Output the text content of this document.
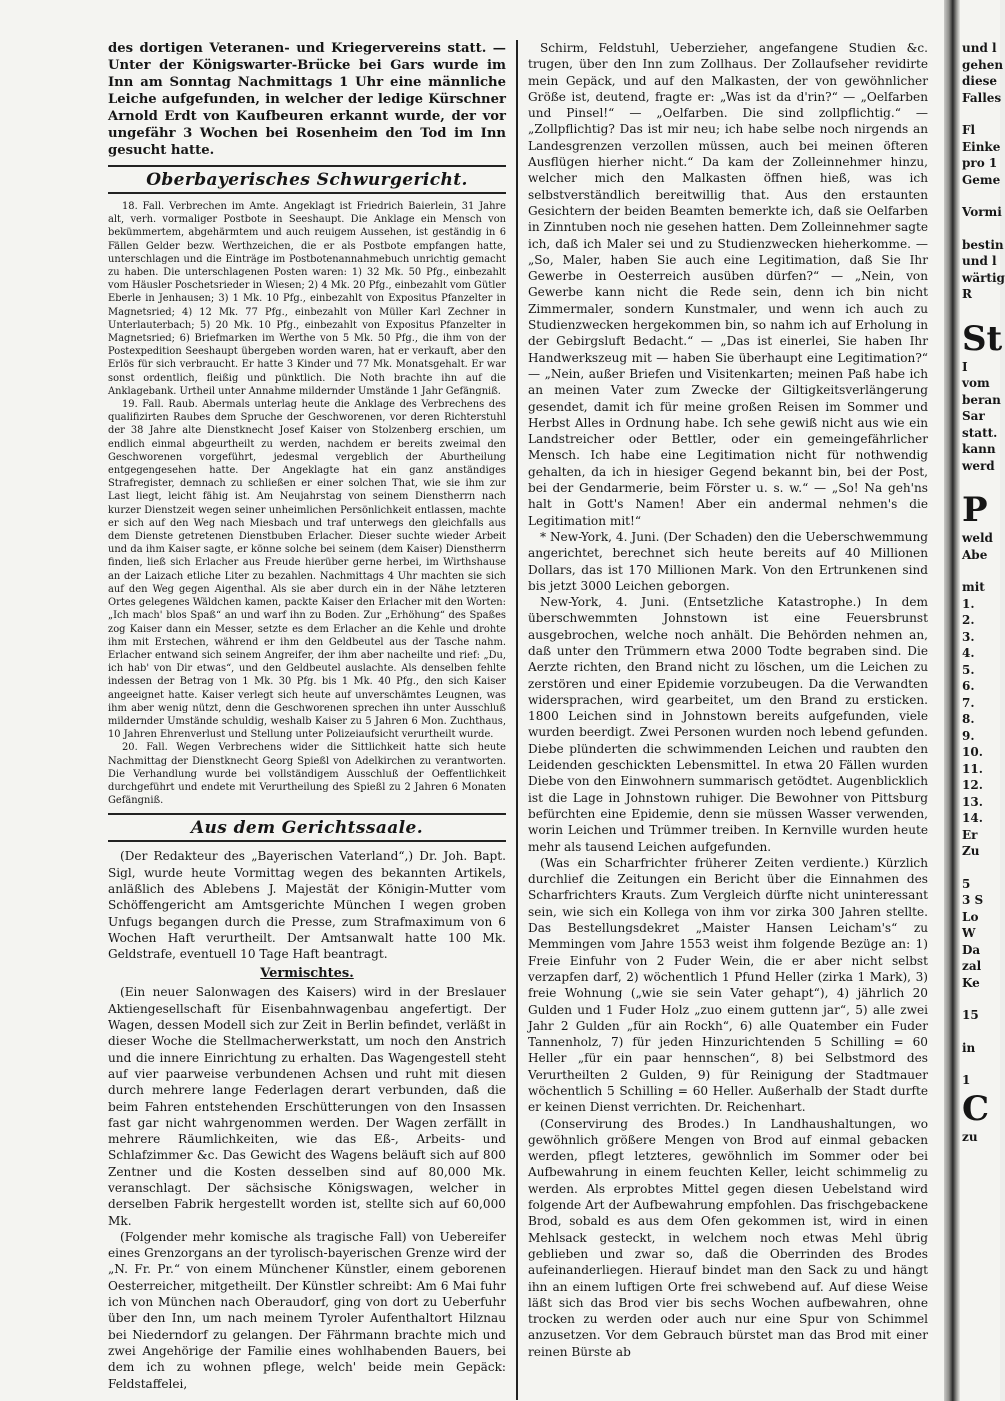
des dortigen Veteranen- und Kriegervereins statt. — Unter der Königswarter-Brücke bei Gars wurde im Inn am Sonntag Nachmittags 1 Uhr eine männliche Leiche aufgefunden, in welcher der ledige Kürschner Arnold Erdt von Kaufbeuren erkannt wurde, der vor ungefähr 3 Wochen bei Rosenheim den Tod im Inn gesucht hatte.

Oberbayerisches Schwurgericht.

18. Fall. Verbrechen im Amte. Angeklagt ist Friedrich Baierlein, 31 Jahre alt, verh. vormaliger Postbote in Seeshaupt. Die Anklage ein Mensch von bekümmertem, abgehärmtem und auch reuigem Aussehen, ist geständig in 6 Fällen Gelder bezw. Werthzeichen, die er als Postbote empfangen hatte, unterschlagen und die Einträge im Postbotenannahmebuch unrichtig gemacht zu haben. Die unterschlagenen Posten waren: 1) 32 Mk. 50 Pfg., einbezahlt vom Häusler Poschetsrieder in Wiesen; 2) 4 Mk. 20 Pfg., einbezahlt vom Gütler Eberle in Jenhausen; 3) 1 Mk. 10 Pfg., einbezahlt von Expositus Pfanzelter in Magnetsried; 4) 12 Mk. 77 Pfg., einbezahlt von Müller Karl Zechner in Unterlauterbach; 5) 20 Mk. 10 Pfg., einbezahlt von Expositus Pfanzelter in Magnetsried; 6) Briefmarken im Werthe von 5 Mk. 50 Pfg., die ihm von der Postexpedition Seeshaupt übergeben worden waren, hat er verkauft, aber den Erlös für sich verbraucht. Er hatte 3 Kinder und 77 Mk. Monatsgehalt. Er war sonst ordentlich, fleißig und pünktlich. Die Noth brachte ihn auf die Anklagebank. Urtheil unter Annahme mildernder Umstände 1 Jahr Gefängniß.

19. Fall. Raub. Abermals unterlag heute die Anklage des Verbrechens des qualifizirten Raubes dem Spruche der Geschworenen, vor deren Richterstuhl der 38 Jahre alte Dienstknecht Josef Kaiser von Stolzenberg erschien, um endlich einmal abgeurtheilt zu werden, nachdem er bereits zweimal den Geschworenen vorgeführt, jedesmal vergeblich der Aburtheilung entgegengesehen hatte. Der Angeklagte hat ein ganz anständiges Strafregister, demnach zu schließen er einer solchen That, wie sie ihm zur Last liegt, leicht fähig ist. Am Neujahrstag von seinem Dienstherrn nach kurzer Dienstzeit wegen seiner unheimlichen Persönlichkeit entlassen, machte er sich auf den Weg nach Miesbach und traf unterwegs den gleichfalls aus dem Dienste getretenen Dienstbuben Erlacher. Dieser suchte wieder Arbeit und da ihm Kaiser sagte, er könne solche bei seinem (dem Kaiser) Dienstherrn finden, ließ sich Erlacher aus Freude hierüber gerne herbei, im Wirthshause an der Laizach etliche Liter zu bezahlen. Nachmittags 4 Uhr machten sie sich auf den Weg gegen Aigenthal. Als sie aber durch ein in der Nähe letzteren Ortes gelegenes Wäldchen kamen, packte Kaiser den Erlacher mit den Worten: „Ich mach' blos Spaß“ an und warf ihn zu Boden. Zur „Erhöhung“ des Spaßes zog Kaiser dann ein Messer, setzte es dem Erlacher an die Kehle und drohte ihm mit Erstechen, während er ihm den Geldbeutel aus der Tasche nahm. Erlacher entwand sich seinem Angreifer, der ihm aber nacheilte und rief: „Du, ich hab' von Dir etwas“, und den Geldbeutel auslachte. Als denselben fehlte indessen der Betrag von 1 Mk. 30 Pfg. bis 1 Mk. 40 Pfg., den sich Kaiser angeeignet hatte. Kaiser verlegt sich heute auf unverschämtes Leugnen, was ihm aber wenig nützt, denn die Geschworenen sprechen ihn unter Ausschluß mildernder Umstände schuldig, weshalb Kaiser zu 5 Jahren 6 Mon. Zuchthaus, 10 Jahren Ehrenverlust und Stellung unter Polizeiaufsicht verurtheilt wurde.

20. Fall. Wegen Verbrechens wider die Sittlichkeit hatte sich heute Nachmittag der Dienstknecht Georg Spießl von Adelkirchen zu verantworten. Die Verhandlung wurde bei vollständigem Ausschluß der Oeffentlichkeit durchgeführt und endete mit Verurtheilung des Spießl zu 2 Jahren 6 Monaten Gefängniß.

Aus dem Gerichtssaale.

(Der Redakteur des „Bayerischen Vaterland“,) Dr. Joh. Bapt. Sigl, wurde heute Vormittag wegen des bekannten Artikels, anläßlich des Ablebens J. Majestät der Königin-Mutter vom Schöffengericht am Amtsgerichte München I wegen groben Unfugs begangen durch die Presse, zum Strafmaximum von 6 Wochen Haft verurtheilt. Der Amtsanwalt hatte 100 Mk. Geldstrafe, eventuell 10 Tage Haft beantragt.

Vermischtes.

(Ein neuer Salonwagen des Kaisers) wird in der Breslauer Aktiengesellschaft für Eisenbahnwagenbau angefertigt. Der Wagen, dessen Modell sich zur Zeit in Berlin befindet, verläßt in dieser Woche die Stellmacherwerkstatt, um noch den Anstrich und die innere Einrichtung zu erhalten. Das Wagengestell steht auf vier paarweise verbundenen Achsen und ruht mit diesen durch mehrere lange Federlagen derart verbunden, daß die beim Fahren entstehenden Erschütterungen von den Insassen fast gar nicht wahrgenommen werden. Der Wagen zerfällt in mehrere Räumlichkeiten, wie das Eß-, Arbeits- und Schlafzimmer &c. Das Gewicht des Wagens beläuft sich auf 800 Zentner und die Kosten desselben sind auf 80,000 Mk. veranschlagt. Der sächsische Königswagen, welcher in derselben Fabrik hergestellt worden ist, stellte sich auf 60,000 Mk.

(Folgender mehr komische als tragische Fall) von Uebereifer eines Grenzorgans an der tyrolisch-bayerischen Grenze wird der „N. Fr. Pr.“ von einem Münchener Künstler, einem geborenen Oesterreicher, mitgetheilt. Der Künstler schreibt: Am 6 Mai fuhr ich von München nach Oberaudorf, ging von dort zu Ueberfuhr über den Inn, um nach meinem Tyroler Aufenthaltort Hilznau bei Niederndorf zu gelangen. Der Fährmann brachte mich und zwei Angehörige der Familie eines wohlhabenden Bauers, bei dem ich zu wohnen pflege, welch' beide mein Gepäck: Feldstaffelei,

Schirm, Feldstuhl, Ueberzieher, angefangene Studien &c. trugen, über den Inn zum Zollhaus. Der Zollaufseher revidirte mein Gepäck, und auf den Malkasten, der von gewöhnlicher Größe ist, deutend, fragte er: „Was ist da d'rin?“ — „Oelfarben und Pinsel!“ — „Oelfarben. Die sind zollpflichtig.“ — „Zollpflichtig? Das ist mir neu; ich habe selbe noch nirgends an Landesgrenzen verzollen müssen, auch bei meinen öfteren Ausflügen hierher nicht.“ Da kam der Zolleinnehmer hinzu, welcher mich den Malkasten öffnen hieß, was ich selbstverständlich bereitwillig that. Aus den erstaunten Gesichtern der beiden Beamten bemerkte ich, daß sie Oelfarben in Zinntuben noch nie gesehen hatten. Dem Zolleinnehmer sagte ich, daß ich Maler sei und zu Studienzwecken hieherkomme. — „So, Maler, haben Sie auch eine Legitimation, daß Sie Ihr Gewerbe in Oesterreich ausüben dürfen?“ — „Nein, von Gewerbe kann nicht die Rede sein, denn ich bin nicht Zimmermaler, sondern Kunstmaler, und wenn ich auch zu Studienzwecken hergekommen bin, so nahm ich auf Erholung in der Gebirgsluft Bedacht.“ — „Das ist einerlei, Sie haben Ihr Handwerkszeug mit — haben Sie überhaupt eine Legitimation?“ — „Nein, außer Briefen und Visitenkarten; meinen Paß habe ich an meinen Vater zum Zwecke der Giltigkeitsverlängerung gesendet, damit ich für meine großen Reisen im Sommer und Herbst Alles in Ordnung habe. Ich sehe gewiß nicht aus wie ein Landstreicher oder Bettler, oder ein gemeingefährlicher Mensch. Ich habe eine Legitimation nicht für nothwendig gehalten, da ich in hiesiger Gegend bekannt bin, bei der Post, bei der Gendarmerie, beim Förster u. s. w.“ — „So! Na geh'ns halt in Gott's Namen! Aber ein andermal nehmen's die Legitimation mit!“

* New-York, 4. Juni. (Der Schaden) den die Ueberschwemmung angerichtet, berechnet sich heute bereits auf 40 Millionen Dollars, das ist 170 Millionen Mark. Von den Ertrunkenen sind bis jetzt 3000 Leichen geborgen.

New-York, 4. Juni. (Entsetzliche Katastrophe.) In dem überschwemmten Johnstown ist eine Feuersbrunst ausgebrochen, welche noch anhält. Die Behörden nehmen an, daß unter den Trümmern etwa 2000 Todte begraben sind. Die Aerzte richten, den Brand nicht zu löschen, um die Leichen zu zerstören und einer Epidemie vorzubeugen. Da die Verwandten widersprachen, wird gearbeitet, um den Brand zu ersticken. 1800 Leichen sind in Johnstown bereits aufgefunden, viele wurden beerdigt. Zwei Personen wurden noch lebend gefunden. Diebe plünderten die schwimmenden Leichen und raubten den Leidenden geschickten Lebensmittel. In etwa 20 Fällen wurden Diebe von den Einwohnern summarisch getödtet. Augenblicklich ist die Lage in Johnstown ruhiger. Die Bewohner von Pittsburg befürchten eine Epidemie, denn sie müssen Wasser verwenden, worin Leichen und Trümmer treiben. In Kernville wurden heute mehr als tausend Leichen aufgefunden.

(Was ein Scharfrichter früherer Zeiten verdiente.) Kürzlich durchlief die Zeitungen ein Bericht über die Einnahmen des Scharfrichters Krauts. Zum Vergleich dürfte nicht uninteressant sein, wie sich ein Kollega von ihm vor zirka 300 Jahren stellte. Das Bestellungsdekret „Maister Hansen Leicham's“ zu Memmingen vom Jahre 1553 weist ihm folgende Bezüge an: 1) Freie Einfuhr von 2 Fuder Wein, die er aber nicht selbst verzapfen darf, 2) wöchentlich 1 Pfund Heller (zirka 1 Mark), 3) freie Wohnung („wie sie sein Vater gehapt“), 4) jährlich 20 Gulden und 1 Fuder Holz „zuo einem guttenn jar“, 5) alle zwei Jahr 2 Gulden „für ain Rockh“, 6) alle Quatember ein Fuder Tannenholz, 7) für jeden Hinzurichtenden 5 Schilling = 60 Heller „für ein paar hennschen“, 8) bei Selbstmord des Verurtheilten 2 Gulden, 9) für Reinigung der Stadtmauer wöchentlich 5 Schilling = 60 Heller. Außerhalb der Stadt durfte er keinen Dienst verrichten. Dr. Reichenhart.

(Conservirung des Brodes.) In Landhaushaltungen, wo gewöhnlich größere Mengen von Brod auf einmal gebacken werden, pflegt letzteres, gewöhnlich im Sommer oder bei Aufbewahrung in einem feuchten Keller, leicht schimmelig zu werden. Als erprobtes Mittel gegen diesen Uebelstand wird folgende Art der Aufbewahrung empfohlen. Das frischgebackene Brod, sobald es aus dem Ofen gekommen ist, wird in einen Mehlsack gesteckt, in welchem noch etwas Mehl übrig geblieben und zwar so, daß die Oberrinden des Brodes aufeinanderliegen. Hierauf bindet man den Sack zu und hängt ihn an einem luftigen Orte frei schwebend auf. Auf diese Weise läßt sich das Brod vier bis sechs Wochen aufbewahren, ohne trocken zu werden oder auch nur eine Spur von Schimmel anzusetzen. Vor dem Gebrauch bürstet man das Brod mit einer reinen Bürste ab

und l
gehen
diese
Falles
Fl
Einke
pro 1
Geme
Vormi
bestin
und l
wärtig
R
St
I
vom
beran
Sar
statt.
kann
werd
P
weld
Abe
mit
1.
2.
3.
4.
5.
6.
7.
8.
9.
10.
11.
12.
13.
14.
Er
Zu
5
3 S
Lo
W
Da
zal
Ke
15
in
1
C
zu
